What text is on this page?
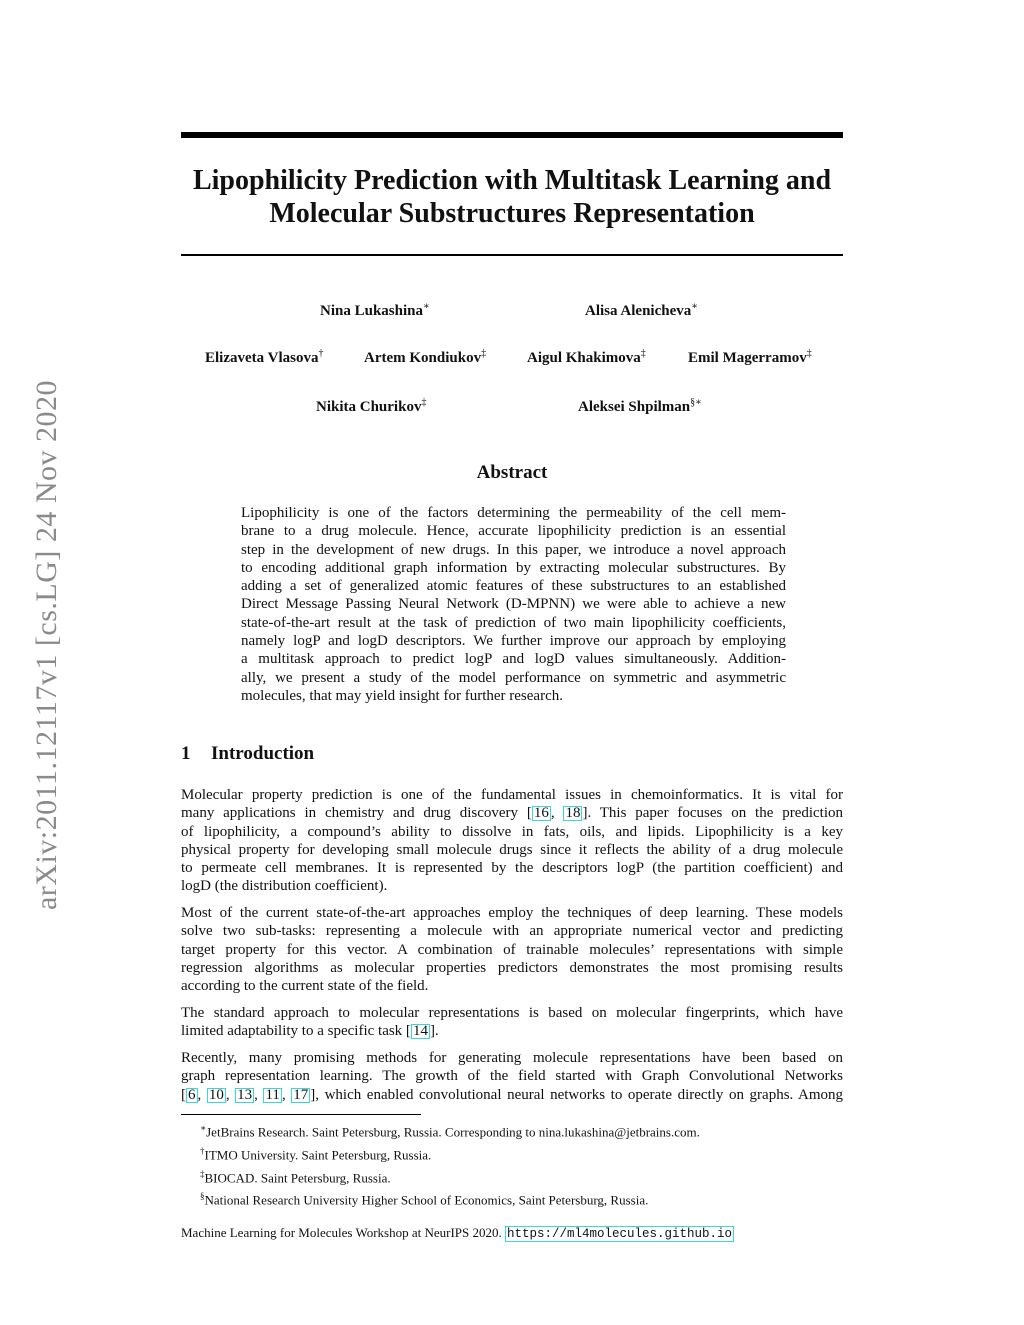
arXiv:2011.12117v1 [cs.LG] 24 Nov 2020
Lipophilicity Prediction with Multitask Learning and
Molecular Substructures Representation
Nina Lukashina∗	Alisa Alenicheva∗
Elizaveta Vlasova†	Artem Kondiukov‡	Aigul Khakimova‡	Emil Magerramov‡
Nikita Churikov‡	Aleksei Shpilman§∗
Abstract
Lipophilicity is one of the factors determining the permeability of the cell mem-
brane to a drug molecule. Hence, accurate lipophilicity prediction is an essential
step in the development of new drugs. In this paper, we introduce a novel approach
to encoding additional graph information by extracting molecular substructures. By
adding a set of generalized atomic features of these substructures to an established
Direct Message Passing Neural Network (D-MPNN) we were able to achieve a new
state-of-the-art result at the task of prediction of two main lipophilicity coefficients,
namely logP and logD descriptors. We further improve our approach by employing
a multitask approach to predict logP and logD values simultaneously. Addition-
ally, we present a study of the model performance on symmetric and asymmetric
molecules, that may yield insight for further research.
1 Introduction
Molecular property prediction is one of the fundamental issues in chemoinformatics. It is vital for
many applications in chemistry and drug discovery [ 16 , 18 ]. This paper focuses on the prediction
of lipophilicity, a compound’s ability to dissolve in fats, oils, and lipids. Lipophilicity is a key
physical property for developing small molecule drugs since it reflects the ability of a drug molecule
to permeate cell membranes. It is represented by the descriptors logP (the partition coefficient) and
logD (the distribution coefficient).
Most of the current state-of-the-art approaches employ the techniques of deep learning. These models
solve two sub-tasks: representing a molecule with an appropriate numerical vector and predicting
target property for this vector. A combination of trainable molecules’ representations with simple
regression algorithms as molecular properties predictors demonstrates the most promising results
according to the current state of the field.
The standard approach to molecular representations is based on molecular fingerprints, which have
limited adaptability to a specific task [ 14 ].
Recently, many promising methods for generating molecule representations have been based on
graph representation learning. The growth of the field started with Graph Convolutional Networks
[ 6 , 10 , 13 , 11 , 17 ], which enabled convolutional neural networks to operate directly on graphs. Among
∗JetBrains Research. Saint Petersburg, Russia. Corresponding to nina.lukashina@jetbrains.com.
†ITMO University. Saint Petersburg, Russia.
‡BIOCAD. Saint Petersburg, Russia.
§National Research University Higher School of Economics, Saint Petersburg, Russia.
Machine Learning for Molecules Workshop at NeurIPS 2020. https://ml4molecules.github.io
